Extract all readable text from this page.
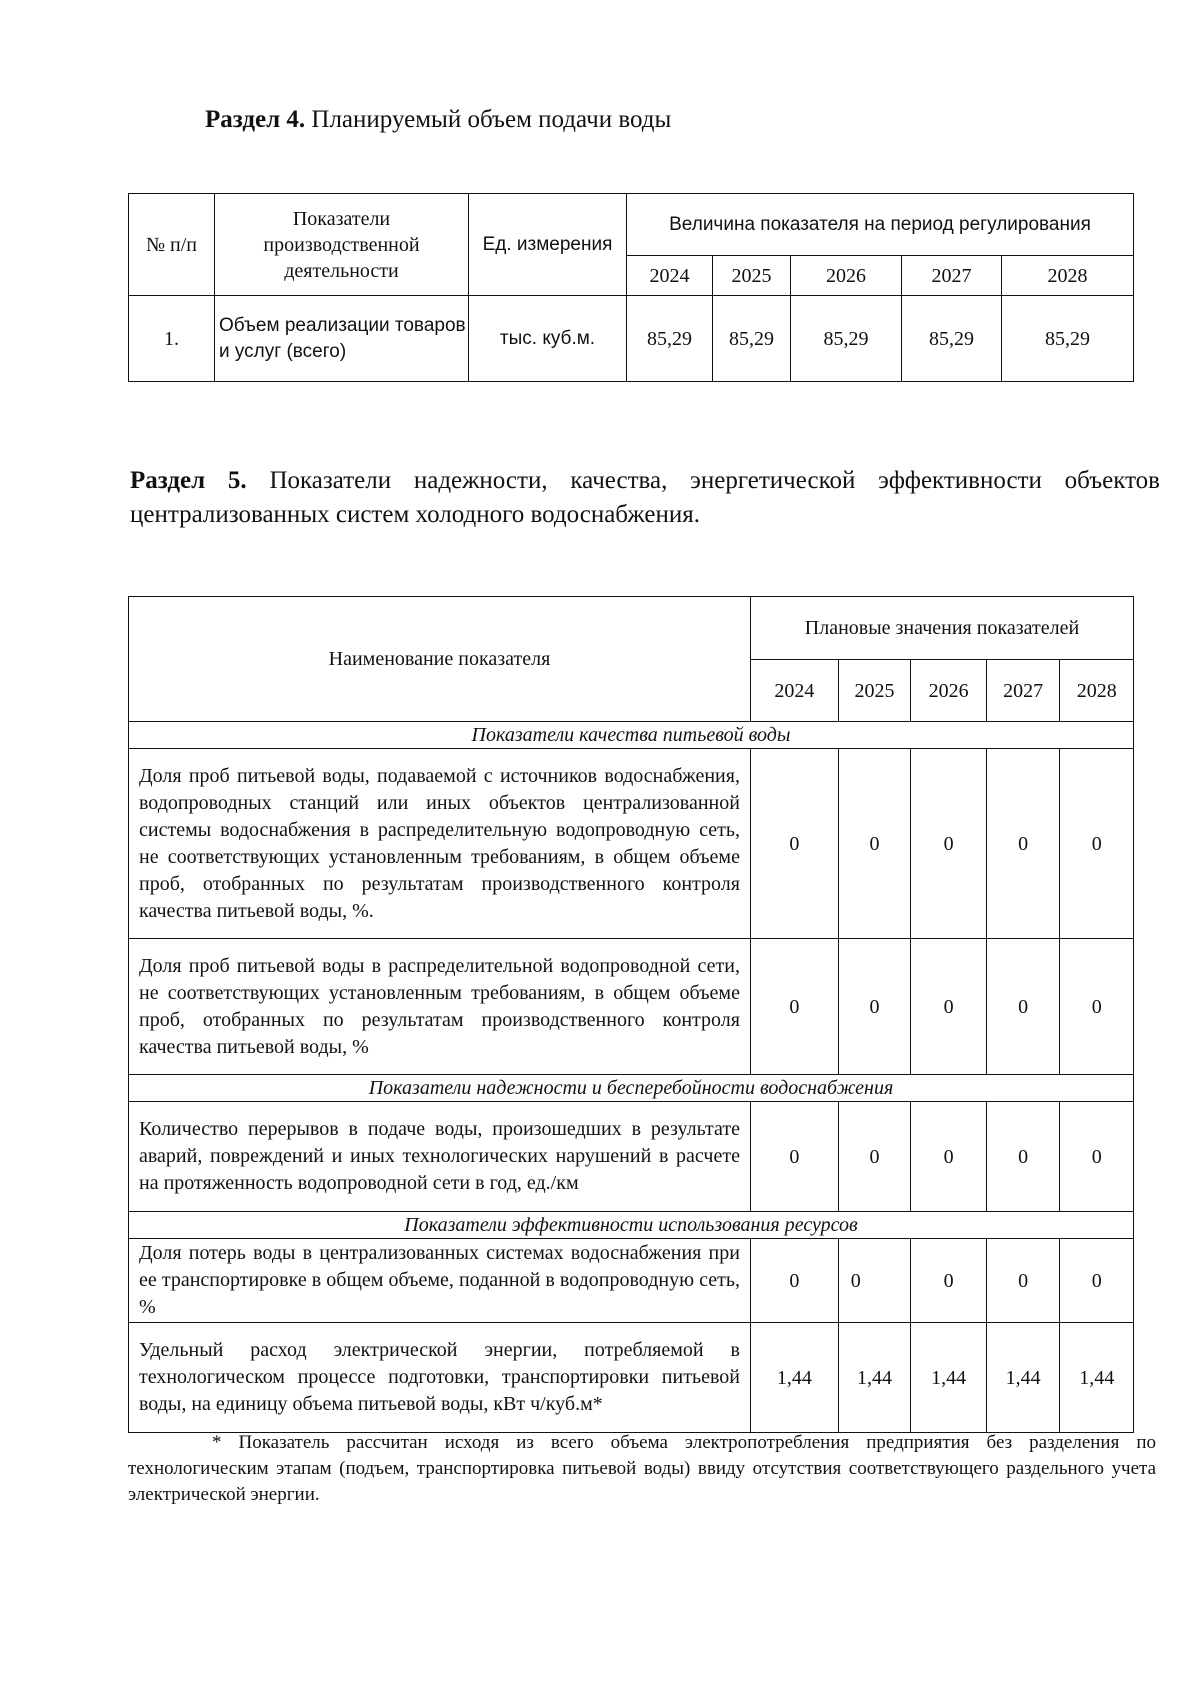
Раздел 4. Планируемый объем подачи воды
№ п/п	Показатели производственной деятельности	Ед. измерения	Величина показателя на период регулирования				
			2024	2025	2026	2027	2028
1.	Объем реализации товаров и услуг (всего)	тыс. куб.м.	85,29	85,29	85,29	85,29	85,29
Раздел 5. Показатели надежности, качества, энергетической эффективности объектов централизованных систем холодного водоснабжения.
Наименование показателя	Плановые значения показателей				
	2024	2025	2026	2027	2028
Показатели качества питьевой воды					
Доля проб питьевой воды, подаваемой с источников водоснабжения, водопроводных станций или иных объектов централизованной системы водоснабжения в распределительную водопроводную сеть, не соответствующих установленным требованиям, в общем объеме проб, отобранных по результатам производственного контроля качества питьевой воды, %.	0	0	0	0	0
Доля проб питьевой воды в распределительной водопроводной сети, не соответствующих установленным требованиям, в общем объеме проб, отобранных по результатам производственного контроля качества питьевой воды, %	0	0	0	0	0
Показатели надежности и бесперебойности водоснабжения					
Количество перерывов в подаче воды, произошедших в результате аварий, повреждений и иных технологических нарушений в расчете на протяженность водопроводной сети в год, ед./км	0	0	0	0	0
Показатели эффективности использования ресурсов					
Доля потерь воды в централизованных системах водоснабжения при ее транспортировке в общем объеме, поданной в водопроводную сеть, %	0	0	0	0	0
Удельный расход электрической энергии, потребляемой в технологическом процессе подготовки, транспортировки питьевой воды, на единицу объема питьевой воды, кВт ч/куб.м*	1,44	1,44	1,44	1,44	1,44
* Показатель рассчитан исходя из всего объема электропотребления предприятия без разделения по технологическим этапам (подъем, транспортировка питьевой воды) ввиду отсутствия соответствующего раздельного учета электрической энергии.
